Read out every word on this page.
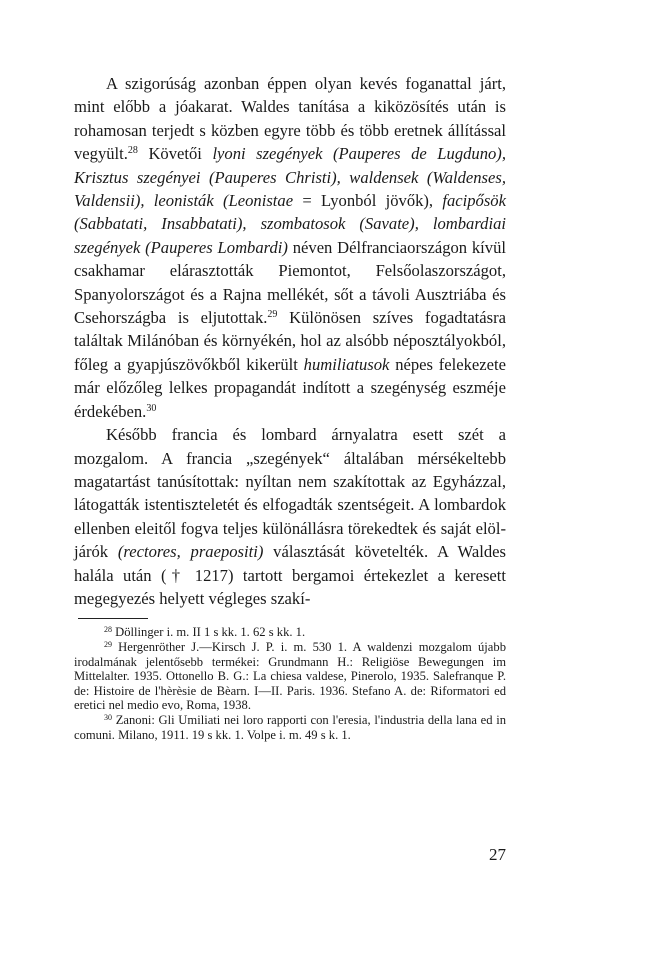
A szigorúság azonban éppen olyan kevés foganattal járt, mint előbb a jóakarat. Waldes tanítása a kiközösítés után is rohamosan terjedt s közben egyre több és több eretnek állítással vegyült.$^{28}$ Követői lyoni szegények (Pauperes de Lugduno), Krisztus szegényei (Pauperes Christi), waldensek (Waldenses, Valdensii), leonisták (Leonistae = Lyonból jövők), facipősök (Sabbatati, Insabbatati), szombatosok (Savate), lombardiai szegények (Pauperes Lombardi) néven Délfranciaországon kívül csakhamar elárasztották Piemontot, Felsőolaszországot, Spanyolországot és a Rajna mellékét, sőt a távoli Ausztriába és Csehországba is eljutottak.$^{29}$ Különösen szíves fogadtatásra találtak Milánóban és környékén, hol az alsóbb néposztályokból, főleg a gyapjúszövőkből kikerült humiliatusok népes felekezete már előzőleg lelkes propagandát indított a szegénység eszméje érdekében.$^{30}$

Később francia és lombard árnyalatra esett szét a mozgalom. A francia „szegények“ általában mérsékeltebb magatartást tanúsítottak: nyíltan nem szakítottak az Egyházzal, látogatták istentiszteletét és elfogadták szentségeit. A lombardok ellenben eleitől fogva teljes különállásra törekedtek és saját elöljárók (rectores, praepositi) választását követelték. A Waldes halála után († 1217) tartott bergamoi értekezlet a keresett megegyezés helyett végleges szakí-

$^{28}$ Döllinger i. m. II 1 s kk. 1. 62 s kk. 1.

$^{29}$ Hergenröther J.—Kirsch J. P. i. m. 530 1. A waldenzi mozgalom újabb irodalmának jelentősebb termékei: Grundmann H.: Religiöse Bewegungen im Mittelalter. 1935. Ottonello B. G.: La chiesa valdese, Pinerolo, 1935. Salefranque P. de: Histoire de l'hèrèsie de Bèarn. I—II. Paris. 1936. Stefano A. de: Riformatori ed eretici nel medio evo, Roma, 1938.

$^{30}$ Zanoni: Gli Umiliati nei loro rapporti con l'eresia, l'industria della lana ed in comuni. Milano, 1911. 19 s kk. 1. Volpe i. m. 49 s k. 1.

27
